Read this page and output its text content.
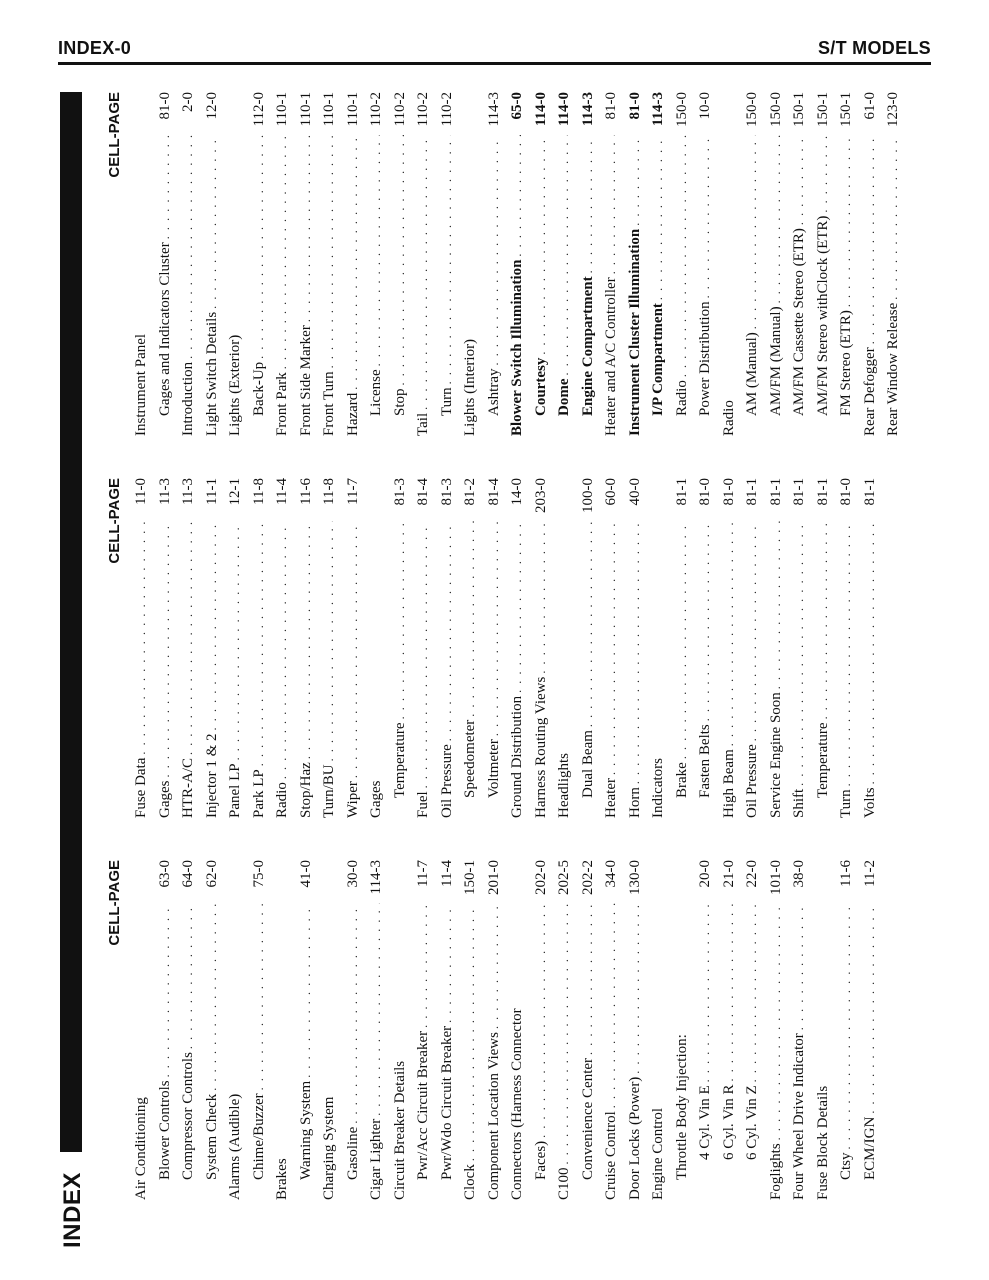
INDEX-0	S/T MODELS
INDEX
CELL-PAGE
Air Conditioning Blower Controls
. . .
63-0
Compressor Controls
. . .
64-0
System Check
. . .
62-0
Alarms (Audible) Chime/Buzzer
. . .
75-0
Brakes Warning System
. . .
41-0
Charging System Gasoline
. . .
30-0
Cigar Lighter
. . .
114-3
Circuit Breaker Details Pwr/Acc Circuit Breaker
. . .
11-7
Pwr/Wdo Circuit Breaker
. . .
11-4
Clock
. . .
150-1
Component Location Views
. . .
201-0
Connectors (Harness Connector Faces)
. . .
202-0
C100
. . .
202-5
Convenience Center
. . .
202-2
Cruise Control
. . .
34-0
Door Locks (Power)
. . .
130-0
Engine Control Throttle Body Injection: 4 Cyl. Vin E
. . .
20-0
6 Cyl. Vin R
. . .
21-0
6 Cyl. Vin Z
. . .
22-0
Foglights
. . .
101-0
Four Wheel Drive Indicator
. . .
38-0
Fuse Block Details Ctsy
. . .
11-6
ECM/IGN
. . .
11-2
CELL-PAGE
Fuse Data
. . .
11-0
Gages
. . .
11-3
HTR-A/C
. . .
11-3
Injector 1 & 2
. . .
11-1
Panel LP
. . .
12-1
Park LP
. . .
11-8
Radio
. . .
11-4
Stop/Haz
. . .
11-6
Turn/BU
. . .
11-8
Wiper
. . .
11-7
Gages
Temperature
. . .
81-3
Fuel
. . .
81-4
Oil Pressure
. . .
81-3
Speedometer
. . .
81-2
Voltmeter
. . .
81-4
Ground Distribution
. . .
14-0
Harness Routing Views
. . .
203-0
Headlights Dual Beam
. . .
100-0
Heater
. . .
60-0
Horn
. . .
40-0
Indicators Brake
. . .
81-1
Fasten Belts
. . .
81-0
High Beam
. . .
81-0
Oil Pressure
. . .
81-1
Service Engine Soon
. . .
81-1
Shift
. . .
81-1
Temperature
. . .
81-1
Turn
. . .
81-0
Volts
. . .
81-1
CELL-PAGE
Instrument Panel Gages and Indicators Cluster
. . .
81-0
Introduction
. . .
2-0
Light Switch Details
. . .
12-0
Lights (Exterior) Back-Up
. . .
112-0
Front Park
. . .
110-1
Front Side Marker
. . .
110-1
Front Turn
. . .
110-1
Hazard
. . .
110-1
License
. . .
110-2
Stop
. . .
110-2
Tail
. . .
110-2
Turn
. . .
110-2
Lights (Interior) Ashtray
. . .
114-3
Blower Switch Illumination
. . .
65-0
Courtesy
. . .
114-0
Dome
. . .
114-0
Engine Compartment
. . .
114-3
Heater and A/C Controller
. . .
81-0
Instrument Cluster Illumination
. . .
81-0
I/P Compartment
. . .
114-3
Radio
. . .
150-0
Power Distribution
. . .
10-0
Radio
AM (Manual)
. . .
150-0
AM/FM (Manual)
. . .
150-0
AM/FM Cassette Stereo (ETR)
. . .
150-1
AM/FM Stereo withClock (ETR)
. . .
150-1
FM Stereo (ETR)
. . .
150-1
Rear Defogger
. . .
61-0
Rear Window Release
. . .
123-0
